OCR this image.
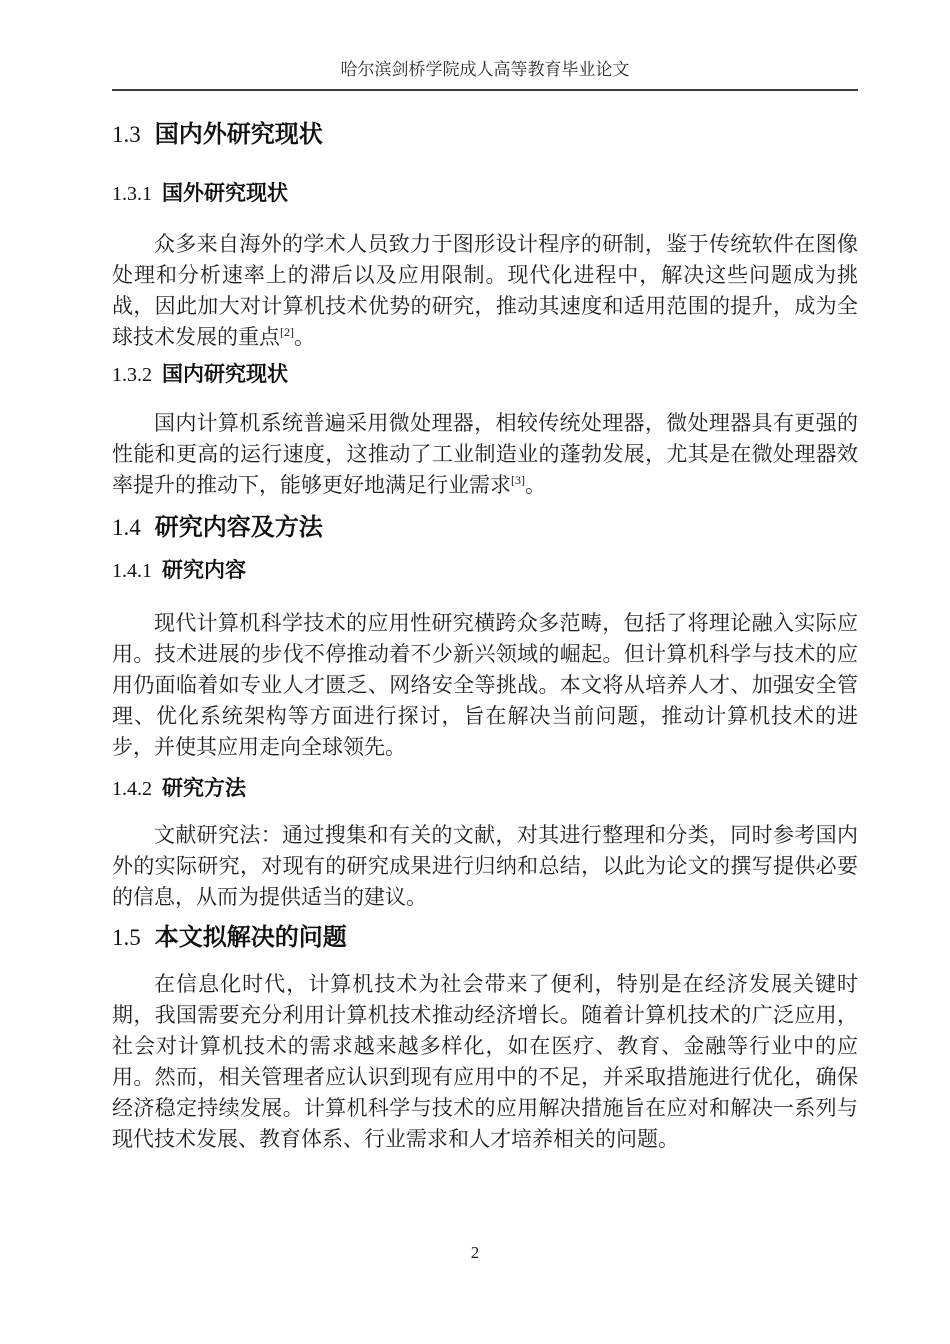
哈尔滨剑桥学院成人高等教育毕业论文
1.3 国内外研究现状
1.3.1 国外研究现状

众多来自海外的学术人员致力于图形设计程序的研制，鉴于传统软件在图像处理和分析速率上的滞后以及应用限制。现代化进程中，解决这些问题成为挑战，因此加大对计算机技术优势的研究，推动其速度和适用范围的提升，成为全球技术发展的重点[2]。

1.3.2 国内研究现状

国内计算机系统普遍采用微处理器，相较传统处理器，微处理器具有更强的性能和更高的运行速度，这推动了工业制造业的蓬勃发展，尤其是在微处理器效率提升的推动下，能够更好地满足行业需求[3]。

1.4 研究内容及方法
1.4.1 研究内容

现代计算机科学技术的应用性研究横跨众多范畴，包括了将理论融入实际应用。技术进展的步伐不停推动着不少新兴领域的崛起。但计算机科学与技术的应用仍面临着如专业人才匮乏、网络安全等挑战。本文将从培养人才、加强安全管理、优化系统架构等方面进行探讨，旨在解决当前问题，推动计算机技术的进步，并使其应用走向全球领先。

1.4.2 研究方法

文献研究法：通过搜集和有关的文献，对其进行整理和分类，同时参考国内外的实际研究，对现有的研究成果进行归纳和总结，以此为论文的撰写提供必要的信息，从而为提供适当的建议。

1.5 本文拟解决的问题

在信息化时代，计算机技术为社会带来了便利，特别是在经济发展关键时期，我国需要充分利用计算机技术推动经济增长。随着计算机技术的广泛应用，社会对计算机技术的需求越来越多样化，如在医疗、教育、金融等行业中的应用。然而，相关管理者应认识到现有应用中的不足，并采取措施进行优化，确保经济稳定持续发展。计算机科学与技术的应用解决措施旨在应对和解决一系列与现代技术发展、教育体系、行业需求和人才培养相关的问题。

2
